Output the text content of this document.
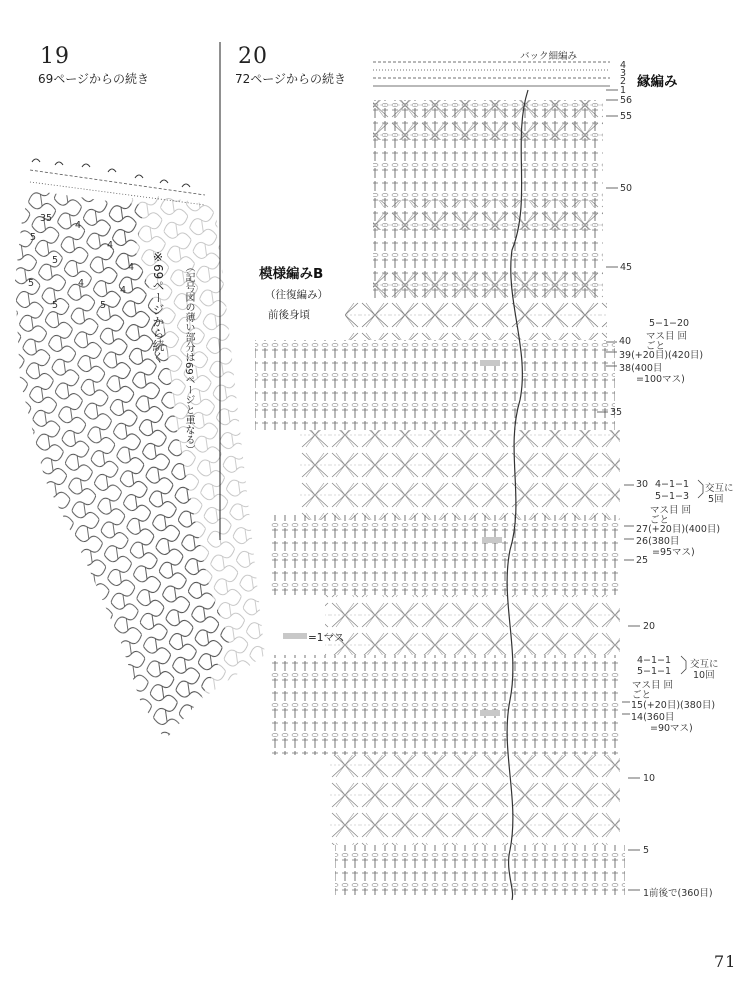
19
69ページからの続き
35
5
5
4
4
5	4
5
4
5
4 ※69ページから続く	（記号図の薄い部分は69ページと重なる）
20
72ページからの続き
バック細編み
縁編み
模様編みB
（往復編み）
前後身頃
=1マス
4
3
2
1
56
55
50
45
40
5−1−20
マス目 回
ごと
39(+20目)(420目)
38(400目
=100マス)
35
30 4−1−1
5−1−3
マス目 回
ごと
交互に
5回
27(+20目)(400目)
26(380目
=95マス)
25
20
4−1−1
5−1−1
マス目 回
ごと
交互に
10回
15(+20目)(380目)
14(360目
=90マス)
10
5
1前後で(360目)
71
